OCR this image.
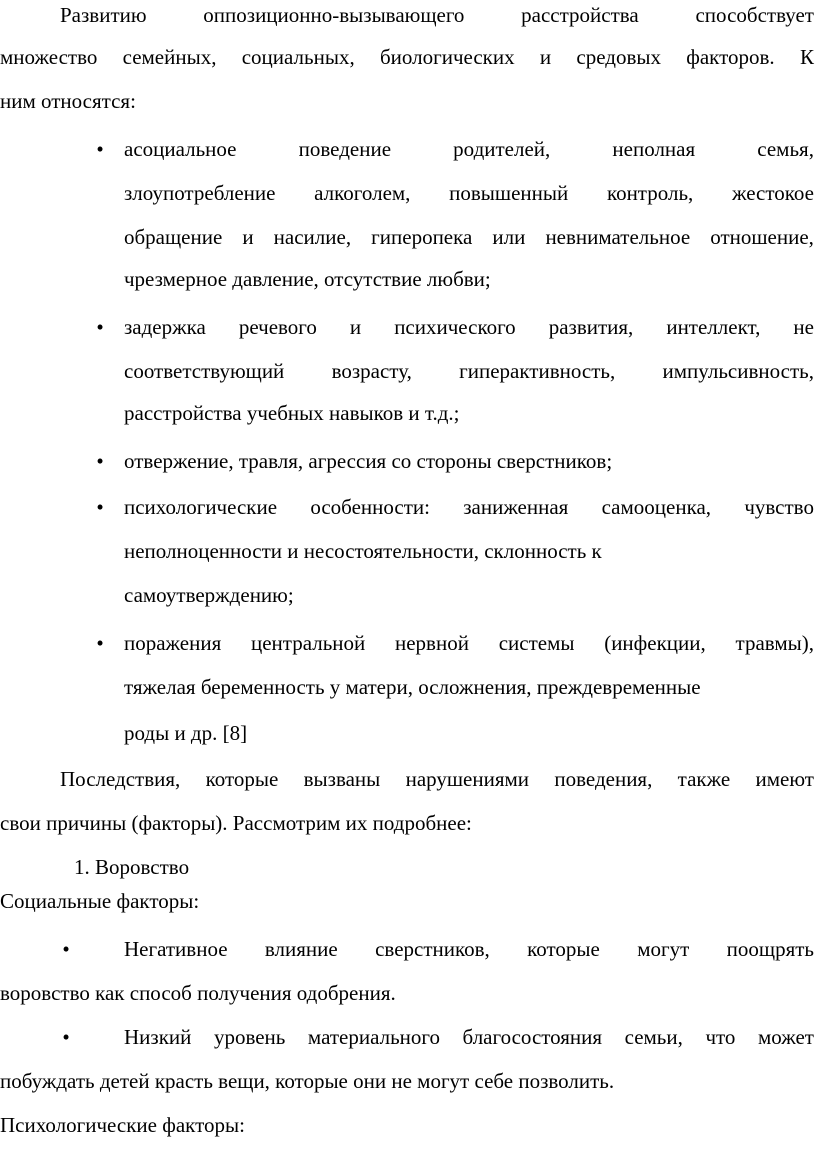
Развитию	оппозиционно-вызывающего	расстройства	способствует
множество семейных, социальных, биологических и средовых факторов. К
ним относятся:
• асоциальное	поведение	родителей,	неполная	семья,
злоупотребление алкоголем, повышенный контроль, жестокое
обращение и насилие, гиперопека или невнимательное отношение,
чрезмерное давление, отсутствие любви;
• задержка речевого и психического развития, интеллект, не
соответствующий возрасту, гиперактивность, импульсивность,
расстройства учебных навыков и т.д.;
• отвержение, травля, агрессия со стороны сверстников;
• психологические особенности: заниженная самооценка, чувство
неполноценности и несостоятельности, склонность к
самоутверждению;
• поражения центральной нервной системы (инфекции, травмы),
тяжелая беременность у матери, осложнения, преждевременные
роды и др. [8]
Последствия, которые вызваны нарушениями поведения, также имеют
свои причины (факторы). Рассмотрим их подробнее:
1. Воровство
Социальные факторы:
•	Негативное влияние сверстников, которые могут поощрять
воровство как способ получения одобрения.
•	Низкий уровень материального благосостояния семьи, что может
побуждать детей красть вещи, которые они не могут себе позволить.
Психологические факторы:
